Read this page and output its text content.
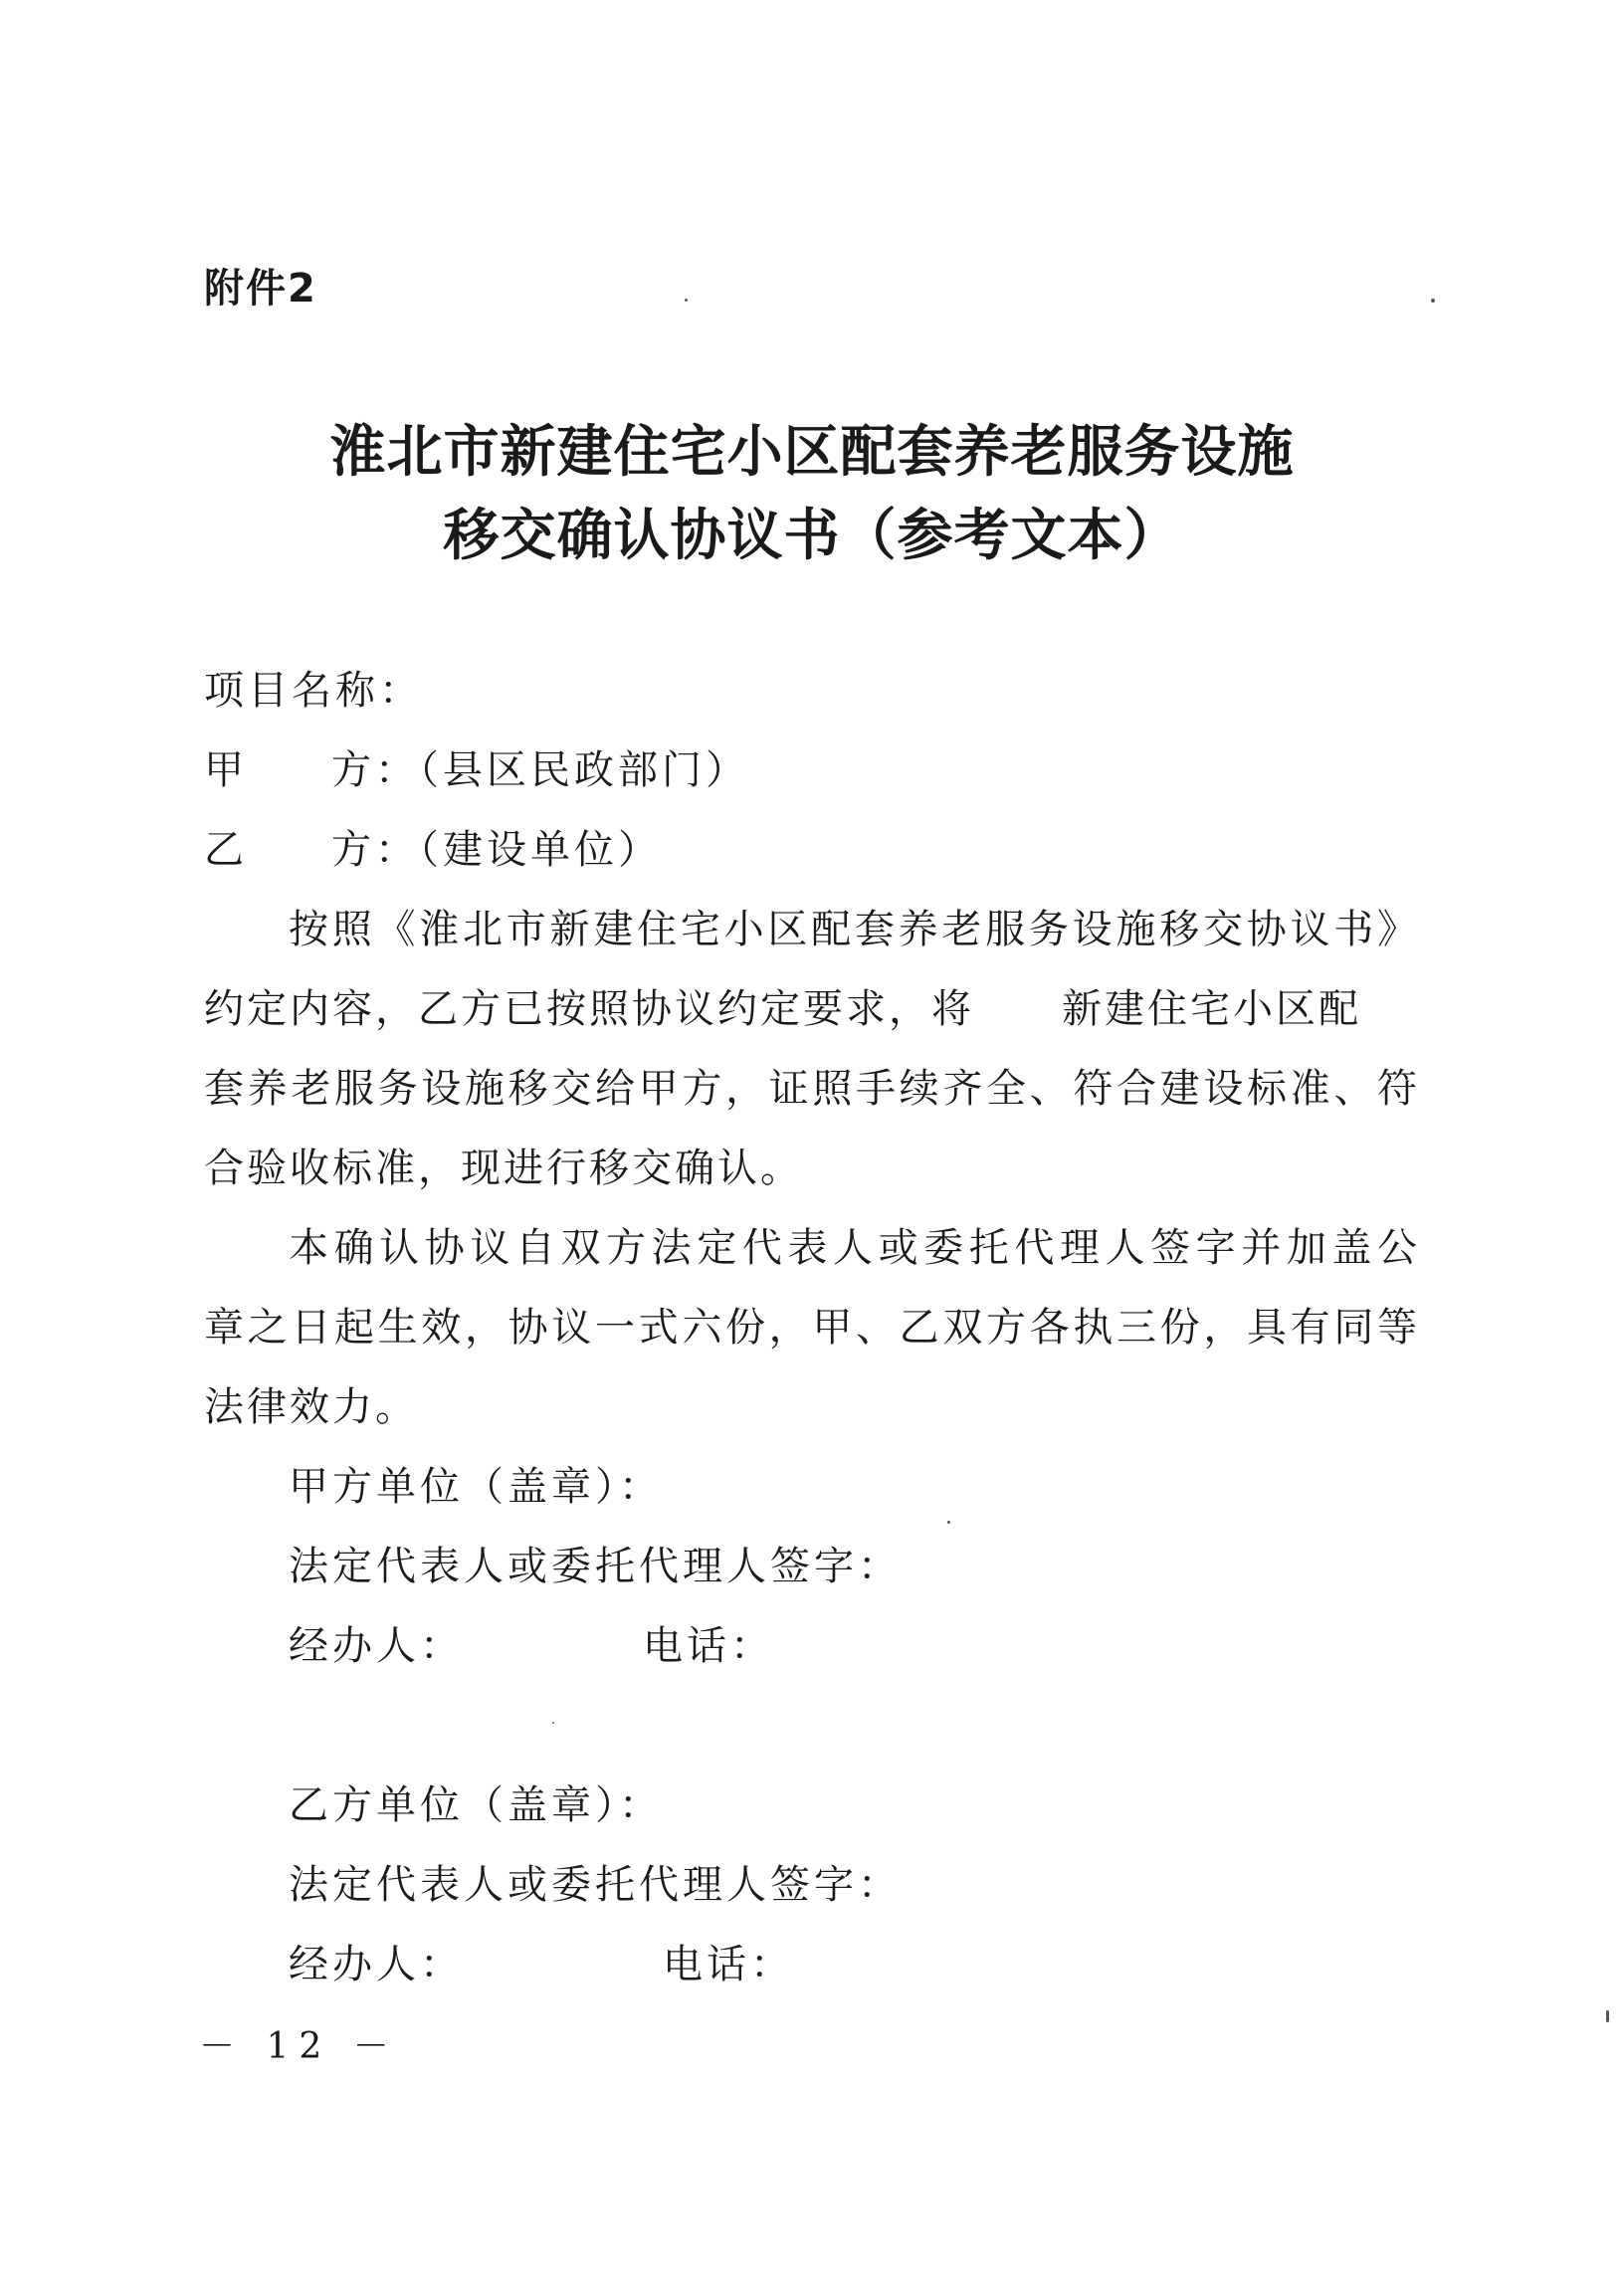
附件2
淮北市新建住宅小区配套养老服务设施
移交确认协议书（参考文本）
项目名称：
甲 方：（县区民政部门）
乙 方：（建设单位）
按照《淮北市新建住宅小区配套养老服务设施移交协议书》
约定内容，乙方已按照协议约定要求，将 新建住宅小区配
套养老服务设施移交给甲方，证照手续齐全、符合建设标准、符
合验收标准，现进行移交确认。
本确认协议自双方法定代表人或委托代理人签字并加盖公
章之日起生效，协议一式六份，甲、乙双方各执三份，具有同等
法律效力。
甲方单位（盖章）：
法定代表人或委托代理人签字：
经办人：	电话：
乙方单位（盖章）：
法定代表人或委托代理人签字：
经办人：	电话：
－ 12 －
